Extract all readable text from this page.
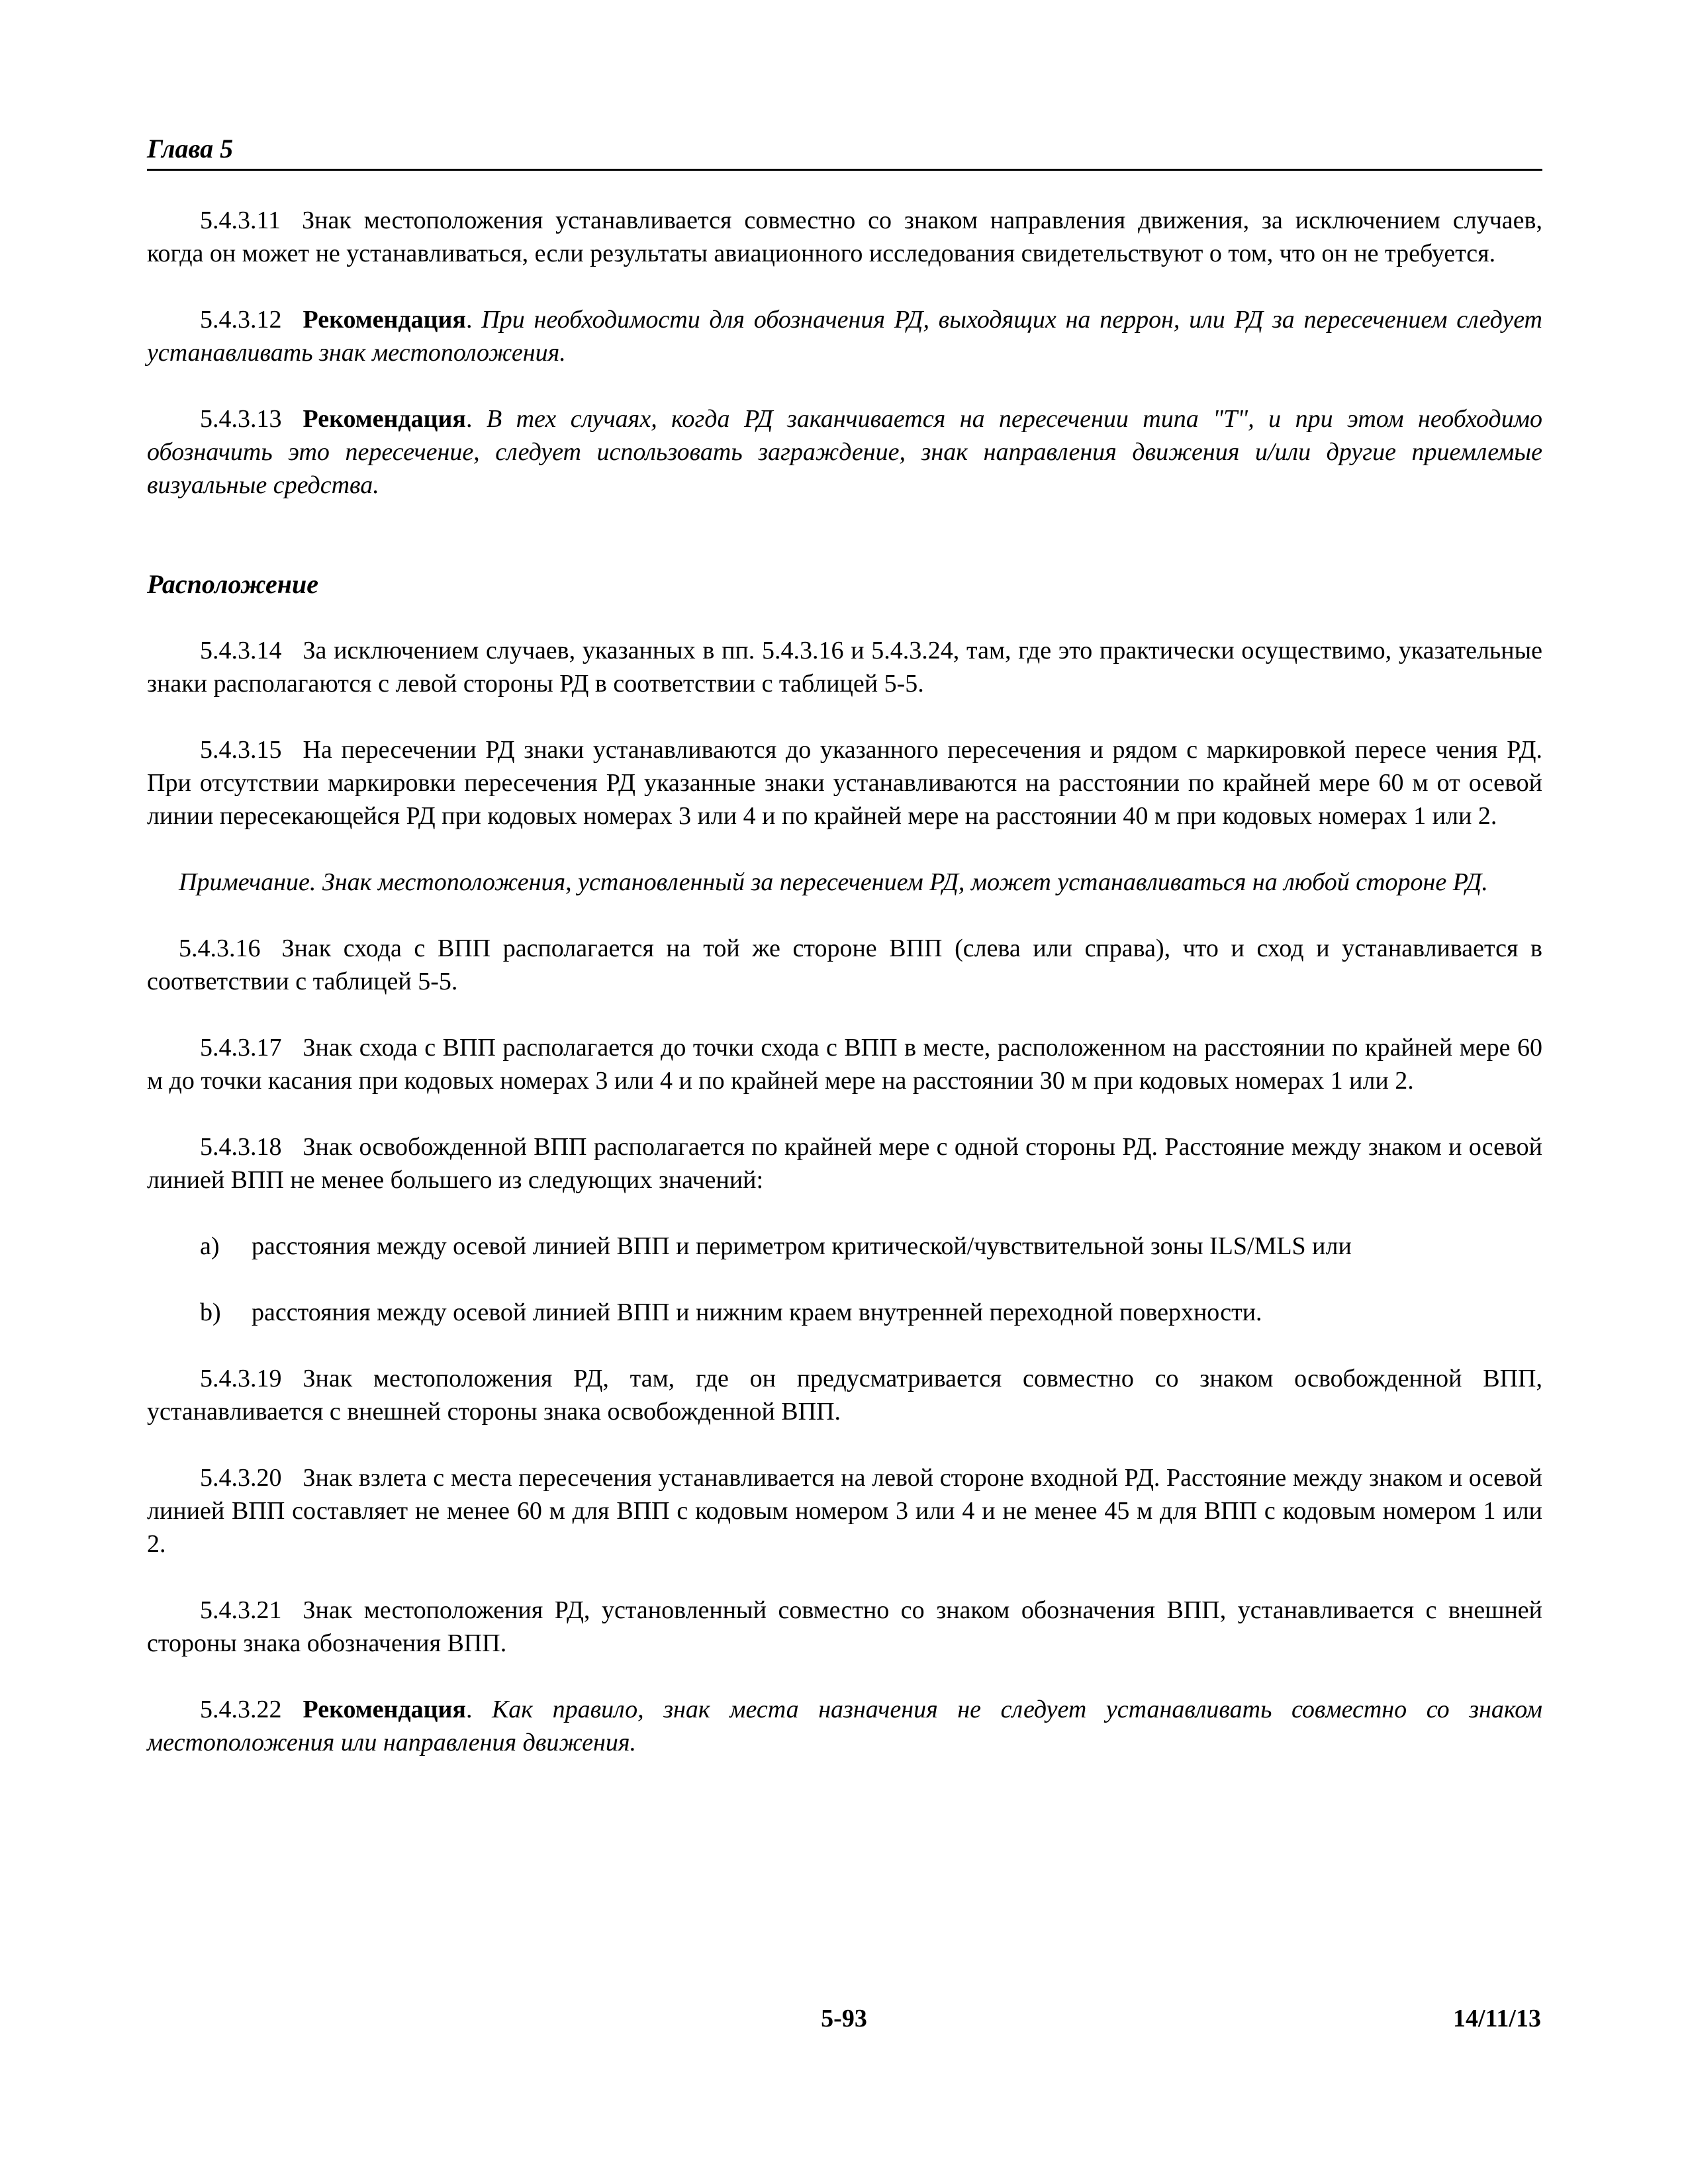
Глава 5

5.4.3.11 Знак местоположения устанавливается совместно со знаком направления движения, за исключением случаев, когда он может не устанавливаться, если результаты авиационного исследования свидетельствуют о том, что он не требуется.

5.4.3.12 Рекомендация. При необходимости для обозначения РД, выходящих на перрон, или РД за пересечением следует устанавливать знак местоположения.

5.4.3.13 Рекомендация. В тех случаях, когда РД заканчивается на пересечении типа "T", и при этом необходимо обозначить это пересечение, следует использовать заграждение, знак направления движения и/или другие приемлемые визуальные средства.

Расположение

5.4.3.14 За исключением случаев, указанных в пп. 5.4.3.16 и 5.4.3.24, там, где это практически осуществимо, указательные знаки располагаются с левой стороны РД в соответствии с таблицей 5-5.

5.4.3.15 На пересечении РД знаки устанавливаются до указанного пересечения и рядом с маркировкой пересе чения РД. При отсутствии маркировки пересечения РД указанные знаки устанавливаются на расстоянии по крайней мере 60 м от осевой линии пересекающейся РД при кодовых номерах 3 или 4 и по крайней мере на расстоянии 40 м при кодовых номерах 1 или 2.

Примечание. Знак местоположения, установленный за пересечением РД, может устанавливаться на любой стороне РД.

5.4.3.16 Знак схода с ВПП располагается на той же стороне ВПП (слева или справа), что и сход и устанавливается в соответствии с таблицей 5-5.

5.4.3.17 Знак схода с ВПП располагается до точки схода с ВПП в месте, расположенном на расстоянии по крайней мере 60 м до точки касания при кодовых номерах 3 или 4 и по крайней мере на расстоянии 30 м при кодовых номерах 1 или 2.

5.4.3.18 Знак освобожденной ВПП располагается по крайней мере с одной стороны РД. Расстояние между знаком и осевой линией ВПП не менее большего из следующих значений:

a)	расстояния между осевой линией ВПП и периметром критической/чувствительной зоны ILS/MLS или
b)	расстояния между осевой линией ВПП и нижним краем внутренней переходной поверхности.

5.4.3.19 Знак местоположения РД, там, где он предусматривается совместно со знаком освобожденной ВПП, устанавливается с внешней стороны знака освобожденной ВПП.

5.4.3.20 Знак взлета с места пересечения устанавливается на левой стороне входной РД. Расстояние между знаком и осевой линией ВПП составляет не менее 60 м для ВПП с кодовым номером 3 или 4 и не менее 45 м для ВПП с кодовым номером 1 или 2.

5.4.3.21 Знак местоположения РД, установленный совместно со знаком обозначения ВПП, устанавливается с внешней стороны знака обозначения ВПП.

5.4.3.22 Рекомендация. Как правило, знак места назначения не следует устанавливать совместно со знаком местоположения или направления движения.

5-93	14/11/13
